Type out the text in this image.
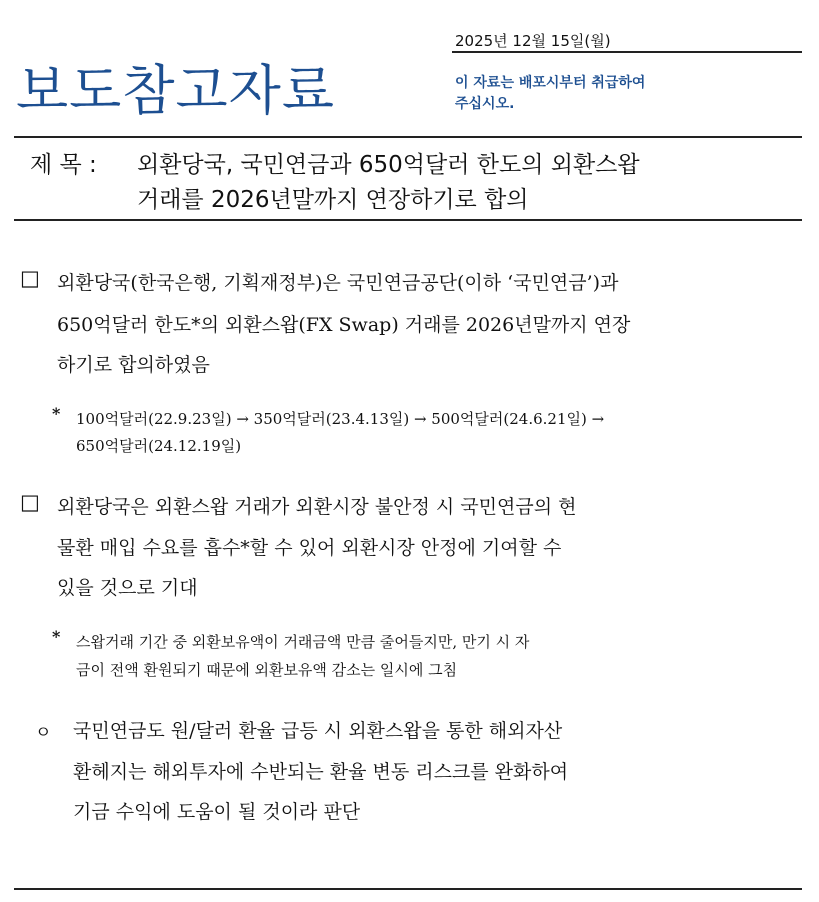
보도참고자료
2025년 12월 15일(월)
이 자료는 배포시부터 취급하여
주십시오.
제 목 : 외환당국, 국민연금과 650억달러 한도의 외환스왑
거래를 2026년말까지 연장하기로 합의
□ 외환당국(한국은행, 기획재정부)은 국민연금공단(이하 ‘국민연금’)과
650억달러 한도*의 외환스왑(FX Swap) 거래를 2026년말까지 연장
하기로 합의하였음
* 100억달러(22.9.23일) → 350억달러(23.4.13일) → 500억달러(24.6.21일) →
650억달러(24.12.19일)
□ 외환당국은 외환스왑 거래가 외환시장 불안정 시 국민연금의 현
물환 매입 수요를 흡수*할 수 있어 외환시장 안정에 기여할 수
있을 것으로 기대
* 스왑거래 기간 중 외환보유액이 거래금액 만큼 줄어들지만, 만기 시 자
금이 전액 환원되기 때문에 외환보유액 감소는 일시에 그침
ㅇ 국민연금도 원/달러 환율 급등 시 외환스왑을 통한 해외자산
환헤지는 해외투자에 수반되는 환율 변동 리스크를 완화하여
기금 수익에 도움이 될 것이라 판단
